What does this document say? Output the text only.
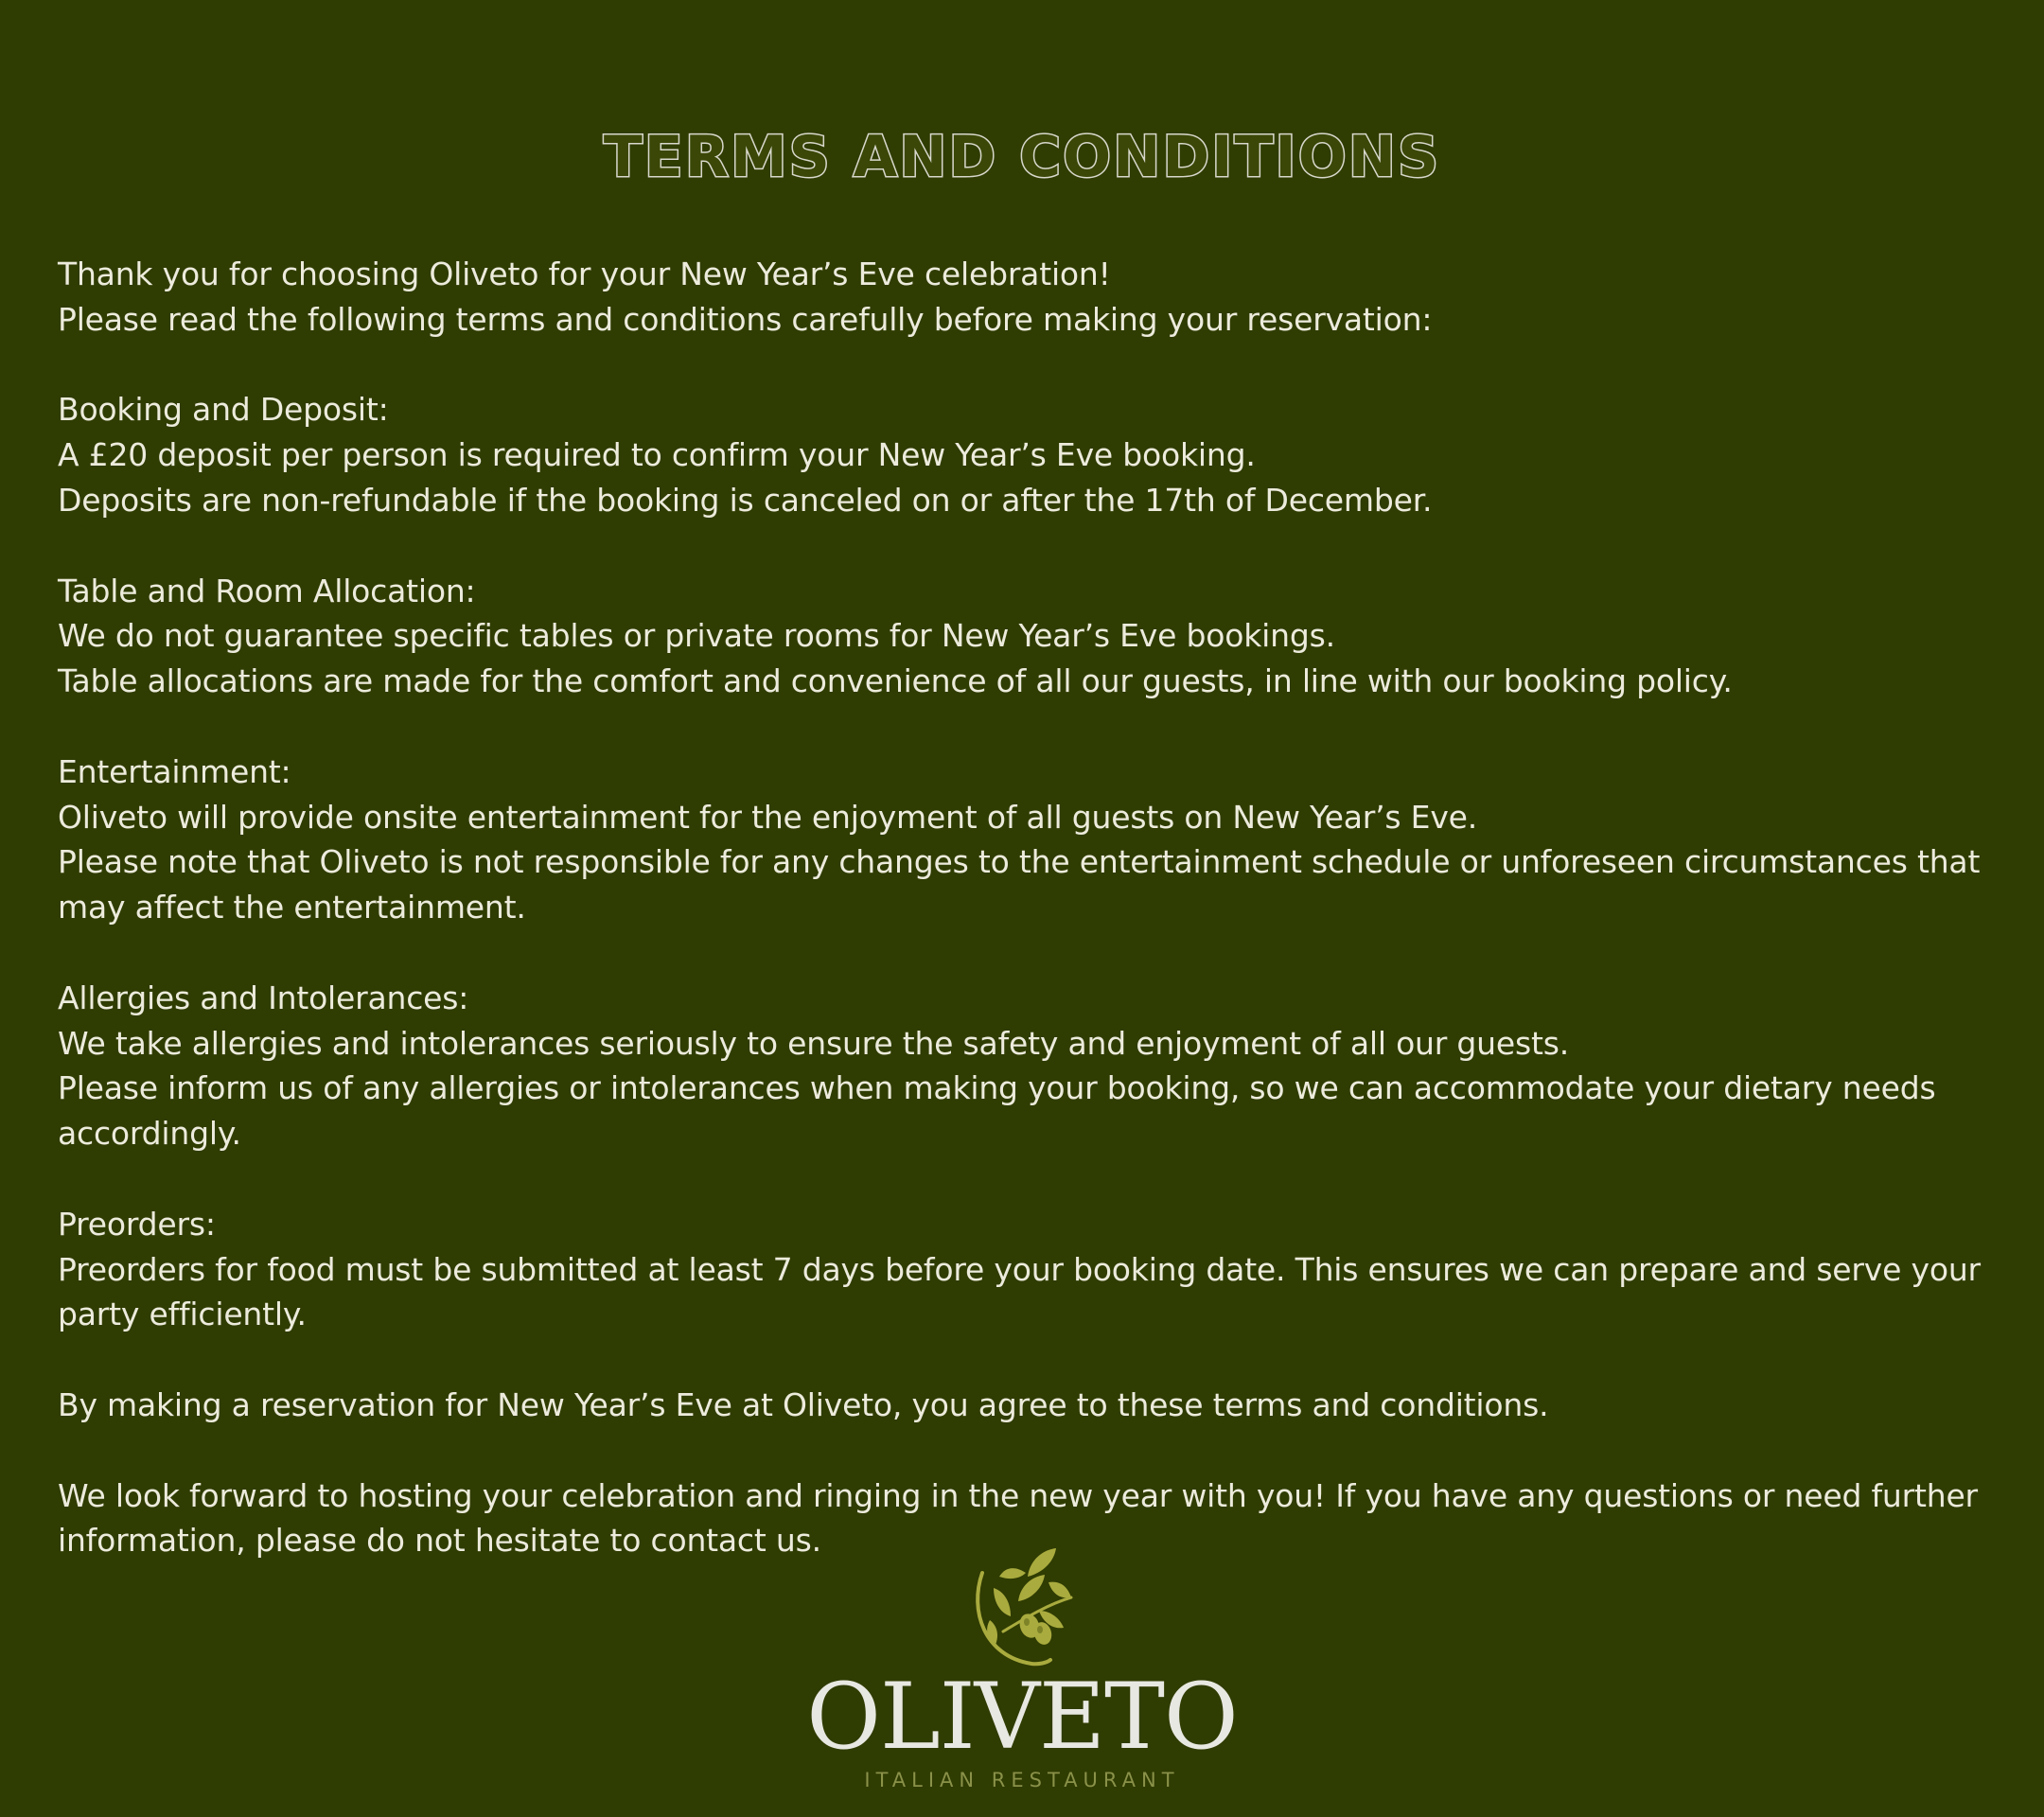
TERMS AND CONDITIONS

Thank you for choosing Oliveto for your New Year’s Eve celebration!
Please read the following terms and conditions carefully before making your reservation:

Booking and Deposit:
A £20 deposit per person is required to confirm your New Year’s Eve booking.
Deposits are non-refundable if the booking is canceled on or after the 17th of December.

Table and Room Allocation:
We do not guarantee specific tables or private rooms for New Year’s Eve bookings.
Table allocations are made for the comfort and convenience of all our guests, in line with our booking policy.

Entertainment:
Oliveto will provide onsite entertainment for the enjoyment of all guests on New Year’s Eve.
Please note that Oliveto is not responsible for any changes to the entertainment schedule or unforeseen circumstances that may affect the entertainment.

Allergies and Intolerances:
We take allergies and intolerances seriously to ensure the safety and enjoyment of all our guests.
Please inform us of any allergies or intolerances when making your booking, so we can accommodate your dietary needs accordingly.

Preorders:
Preorders for food must be submitted at least 7 days before your booking date. This ensures we can prepare and serve your party efficiently.

By making a reservation for New Year’s Eve at Oliveto, you agree to these terms and conditions.

We look forward to hosting your celebration and ringing in the new year with you! If you have any questions or need further information, please do not hesitate to contact us.

OLIVETO
ITALIAN RESTAURANT
